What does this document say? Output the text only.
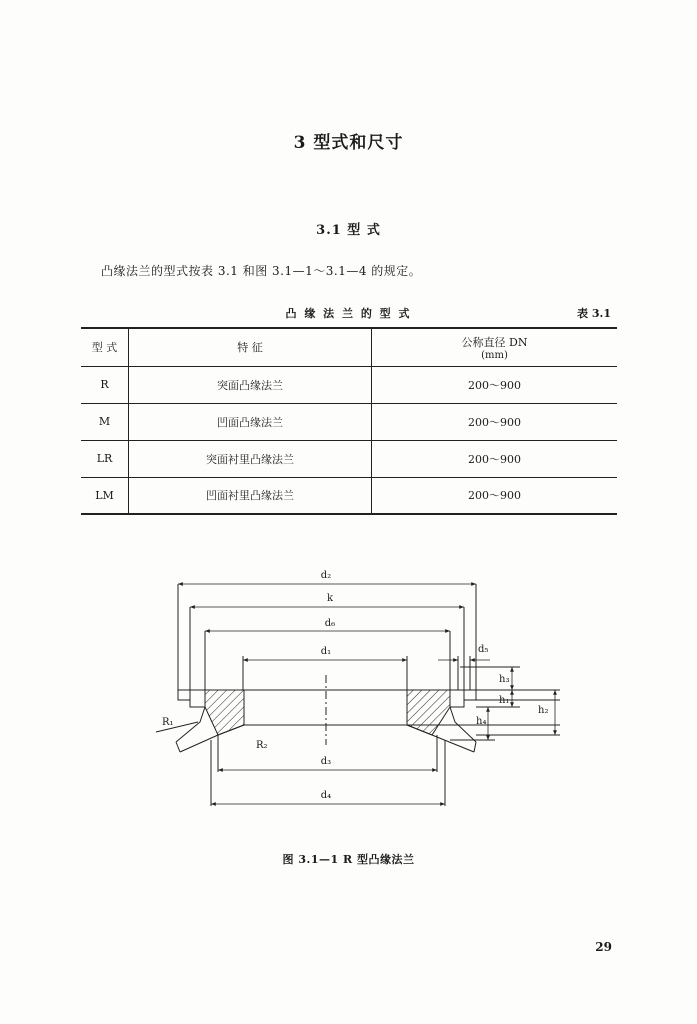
3 型式和尺寸
3.1 型 式
凸缘法兰的型式按表 3.1 和图 3.1—1～3.1—4 的规定。
凸 缘 法 兰 的 型 式	表 3.1
型 式	特 征	公称直径 DN
(mm)

R	突面凸缘法兰	200～900
M	凹面凸缘法兰	200～900
LR	突面衬里凸缘法兰	200～900
LM	凹面衬里凸缘法兰	200～900
d₂
k
d₆
d₁	d₅
d₃
d₄
h₃
h₁
h₂
h₄
R₁
R₂
图 3.1—1 R 型凸缘法兰
29
